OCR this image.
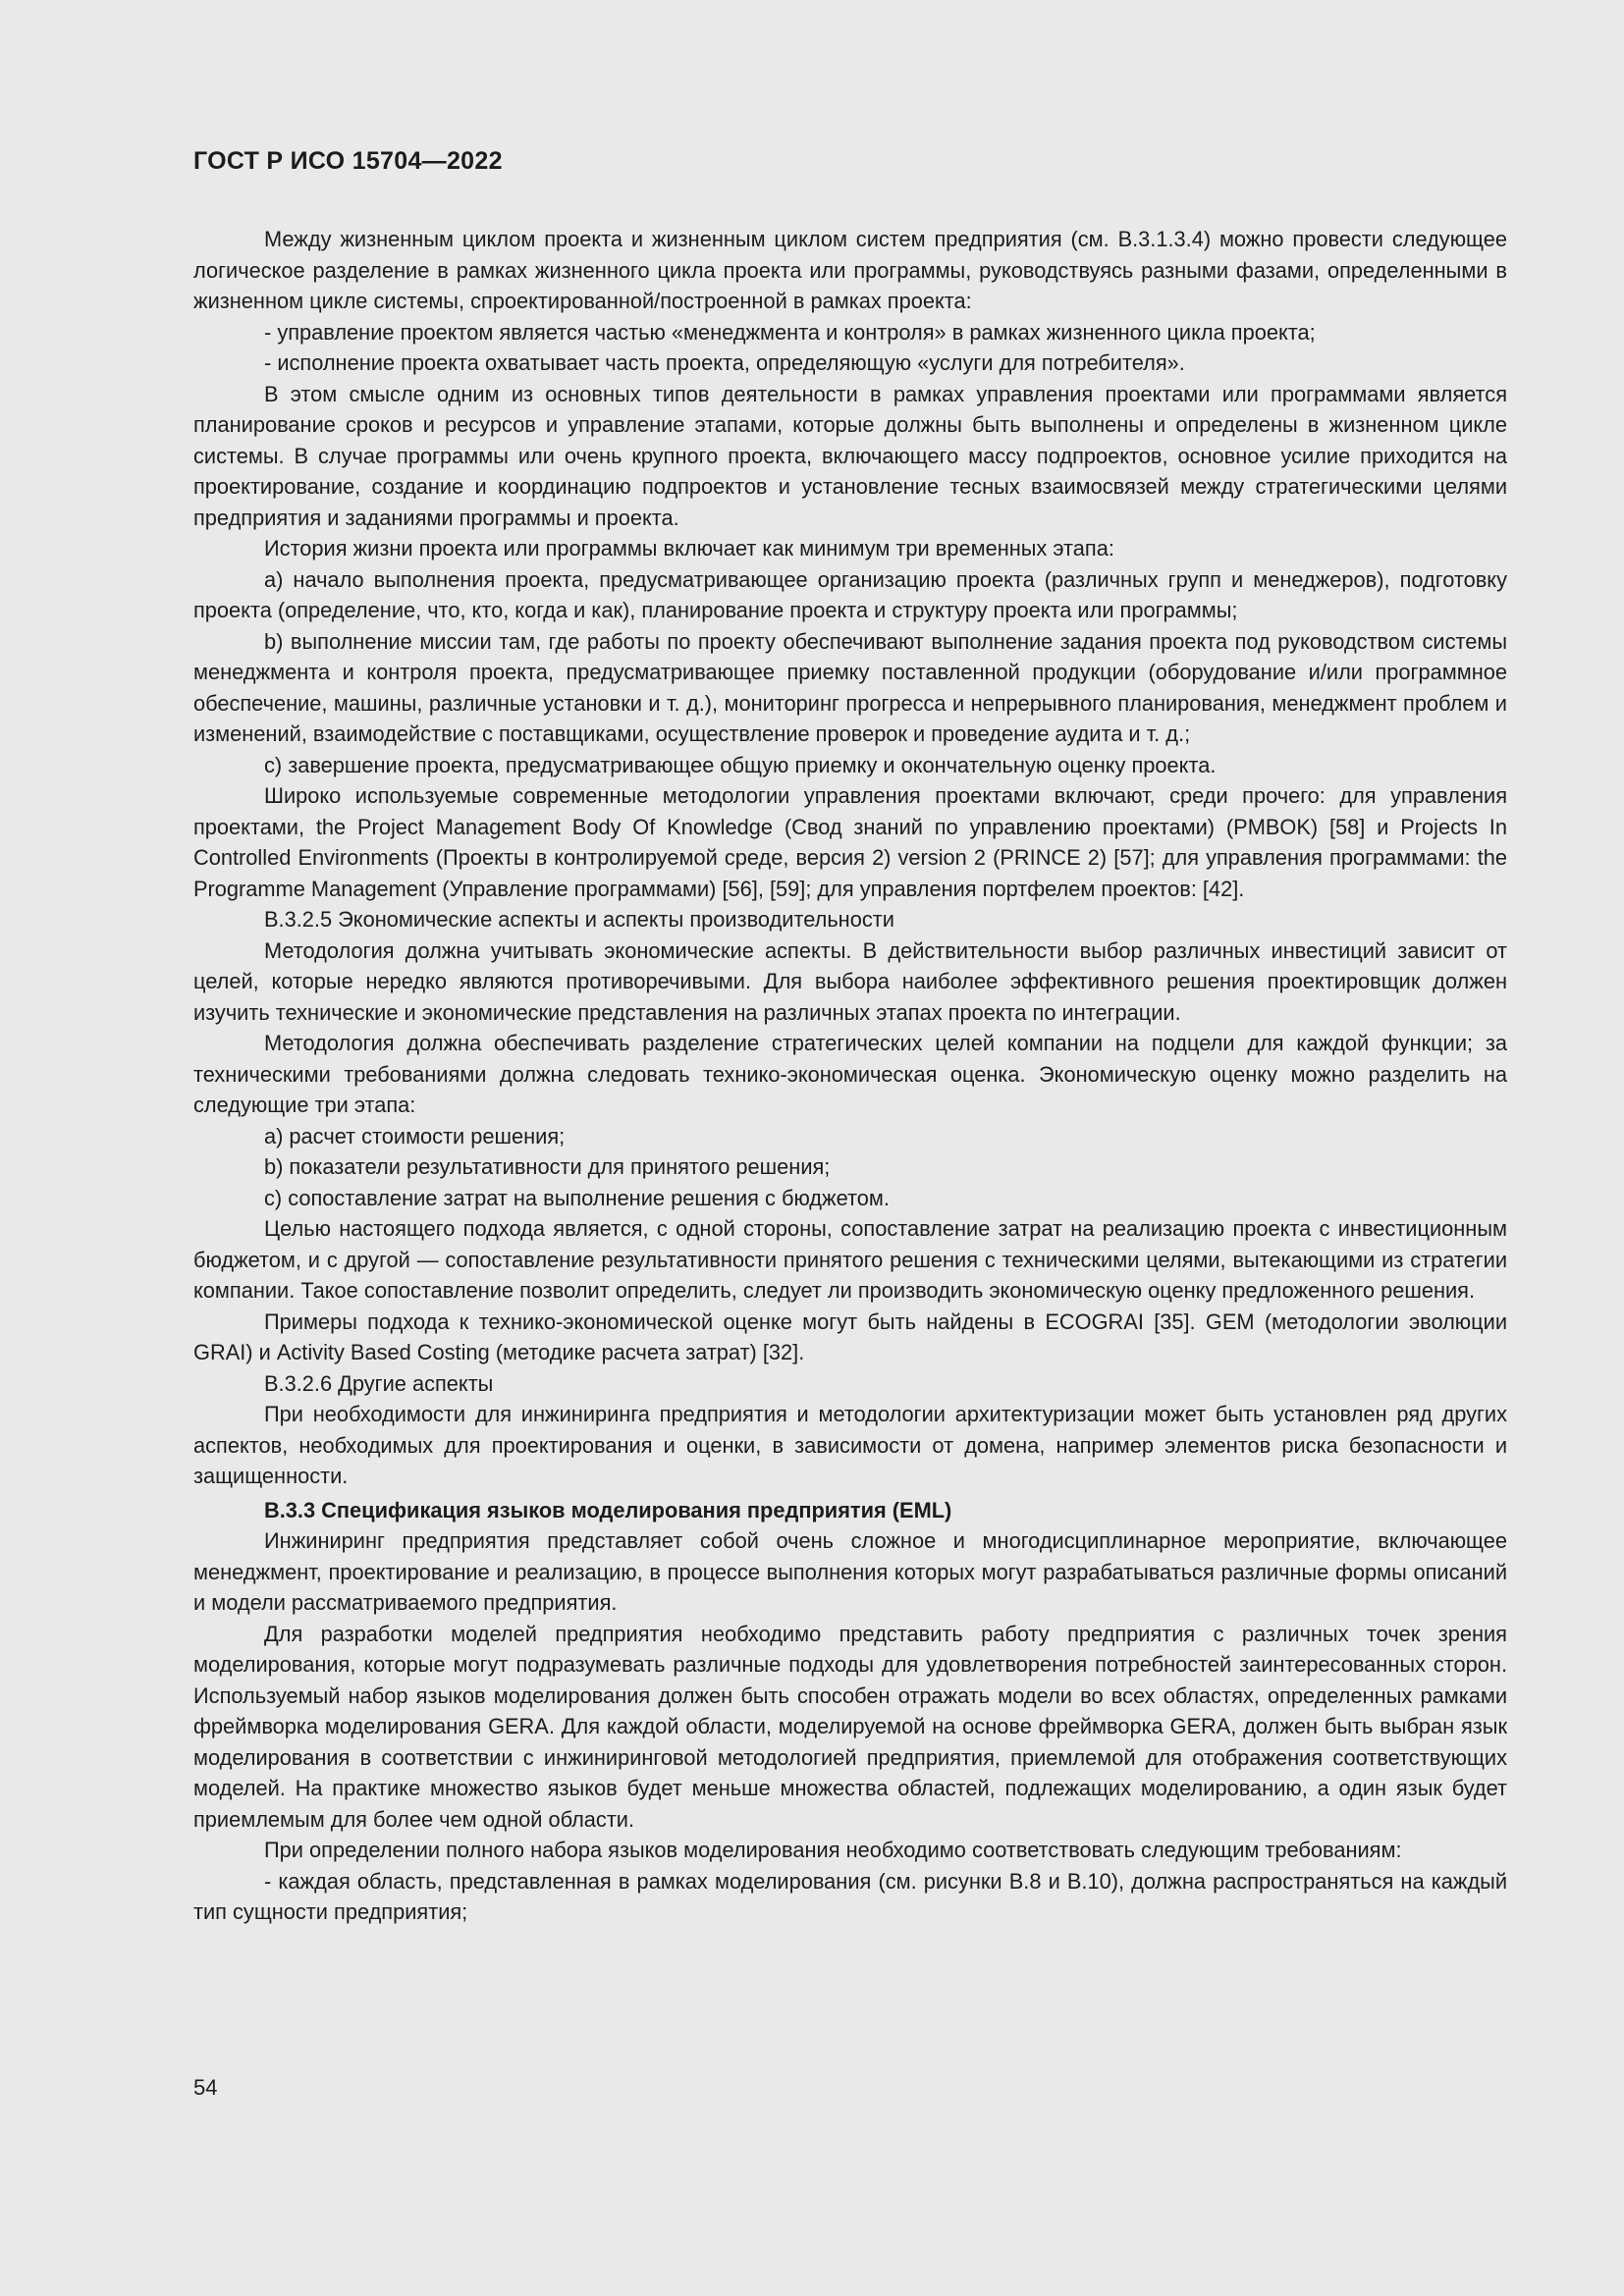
ГОСТ Р ИСО 15704—2022

Между жизненным циклом проекта и жизненным циклом систем предприятия (см. В.3.1.3.4) можно провести следующее логическое разделение в рамках жизненного цикла проекта или программы, руководствуясь разными фазами, определенными в жизненном цикле системы, спроектированной/построенной в рамках проекта:

- управление проектом является частью «менеджмента и контроля» в рамках жизненного цикла проекта;

- исполнение проекта охватывает часть проекта, определяющую «услуги для потребителя».

В этом смысле одним из основных типов деятельности в рамках управления проектами или программами является планирование сроков и ресурсов и управление этапами, которые должны быть выполнены и определены в жизненном цикле системы. В случае программы или очень крупного проекта, включающего массу подпроектов, основное усилие приходится на проектирование, создание и координацию подпроектов и установление тесных взаимосвязей между стратегическими целями предприятия и заданиями программы и проекта.

История жизни проекта или программы включает как минимум три временных этапа:

a) начало выполнения проекта, предусматривающее организацию проекта (различных групп и менеджеров), подготовку проекта (определение, что, кто, когда и как), планирование проекта и структуру проекта или программы;

b) выполнение миссии там, где работы по проекту обеспечивают выполнение задания проекта под руководством системы менеджмента и контроля проекта, предусматривающее приемку поставленной продукции (оборудование и/или программное обеспечение, машины, различные установки и т. д.), мониторинг прогресса и непрерывного планирования, менеджмент проблем и изменений, взаимодействие с поставщиками, осуществление проверок и проведение аудита и т. д.;

c) завершение проекта, предусматривающее общую приемку и окончательную оценку проекта.

Широко используемые современные методологии управления проектами включают, среди прочего: для управления проектами, the Project Management Body Of Knowledge (Свод знаний по управлению проектами) (PMBOK) [58] и Projects In Controlled Environments (Проекты в контролируемой среде, версия 2) version 2 (PRINCE 2) [57]; для управления программами: the Programme Management (Управление программами) [56], [59]; для управления портфелем проектов: [42].

B.3.2.5 Экономические аспекты и аспекты производительности

Методология должна учитывать экономические аспекты. В действительности выбор различных инвестиций зависит от целей, которые нередко являются противоречивыми. Для выбора наиболее эффективного решения проектировщик должен изучить технические и экономические представления на различных этапах проекта по интеграции.

Методология должна обеспечивать разделение стратегических целей компании на подцели для каждой функции; за техническими требованиями должна следовать технико-экономическая оценка. Экономическую оценку можно разделить на следующие три этапа:

a) расчет стоимости решения;

b) показатели результативности для принятого решения;

c) сопоставление затрат на выполнение решения с бюджетом.

Целью настоящего подхода является, с одной стороны, сопоставление затрат на реализацию проекта с инвестиционным бюджетом, и с другой — сопоставление результативности принятого решения с техническими целями, вытекающими из стратегии компании. Такое сопоставление позволит определить, следует ли производить экономическую оценку предложенного решения.

Примеры подхода к технико-экономической оценке могут быть найдены в ECOGRAI [35]. GEM (методологии эволюции GRAI) и Activity Based Costing (методике расчета затрат) [32].

B.3.2.6 Другие аспекты

При необходимости для инжиниринга предприятия и методологии архитектуризации может быть установлен ряд других аспектов, необходимых для проектирования и оценки, в зависимости от домена, например элементов риска безопасности и защищенности.

B.3.3 Спецификация языков моделирования предприятия (EML)

Инжиниринг предприятия представляет собой очень сложное и многодисциплинарное мероприятие, включающее менеджмент, проектирование и реализацию, в процессе выполнения которых могут разрабатываться различные формы описаний и модели рассматриваемого предприятия.

Для разработки моделей предприятия необходимо представить работу предприятия с различных точек зрения моделирования, которые могут подразумевать различные подходы для удовлетворения потребностей заинтересованных сторон. Используемый набор языков моделирования должен быть способен отражать модели во всех областях, определенных рамками фреймворка моделирования GERA. Для каждой области, моделируемой на основе фреймворка GERA, должен быть выбран язык моделирования в соответствии с инжиниринговой методологией предприятия, приемлемой для отображения соответствующих моделей. На практике множество языков будет меньше множества областей, подлежащих моделированию, а один язык будет приемлемым для более чем одной области.

При определении полного набора языков моделирования необходимо соответствовать следующим требованиям:

- каждая область, представленная в рамках моделирования (см. рисунки В.8 и В.10), должна распространяться на каждый тип сущности предприятия;

54
